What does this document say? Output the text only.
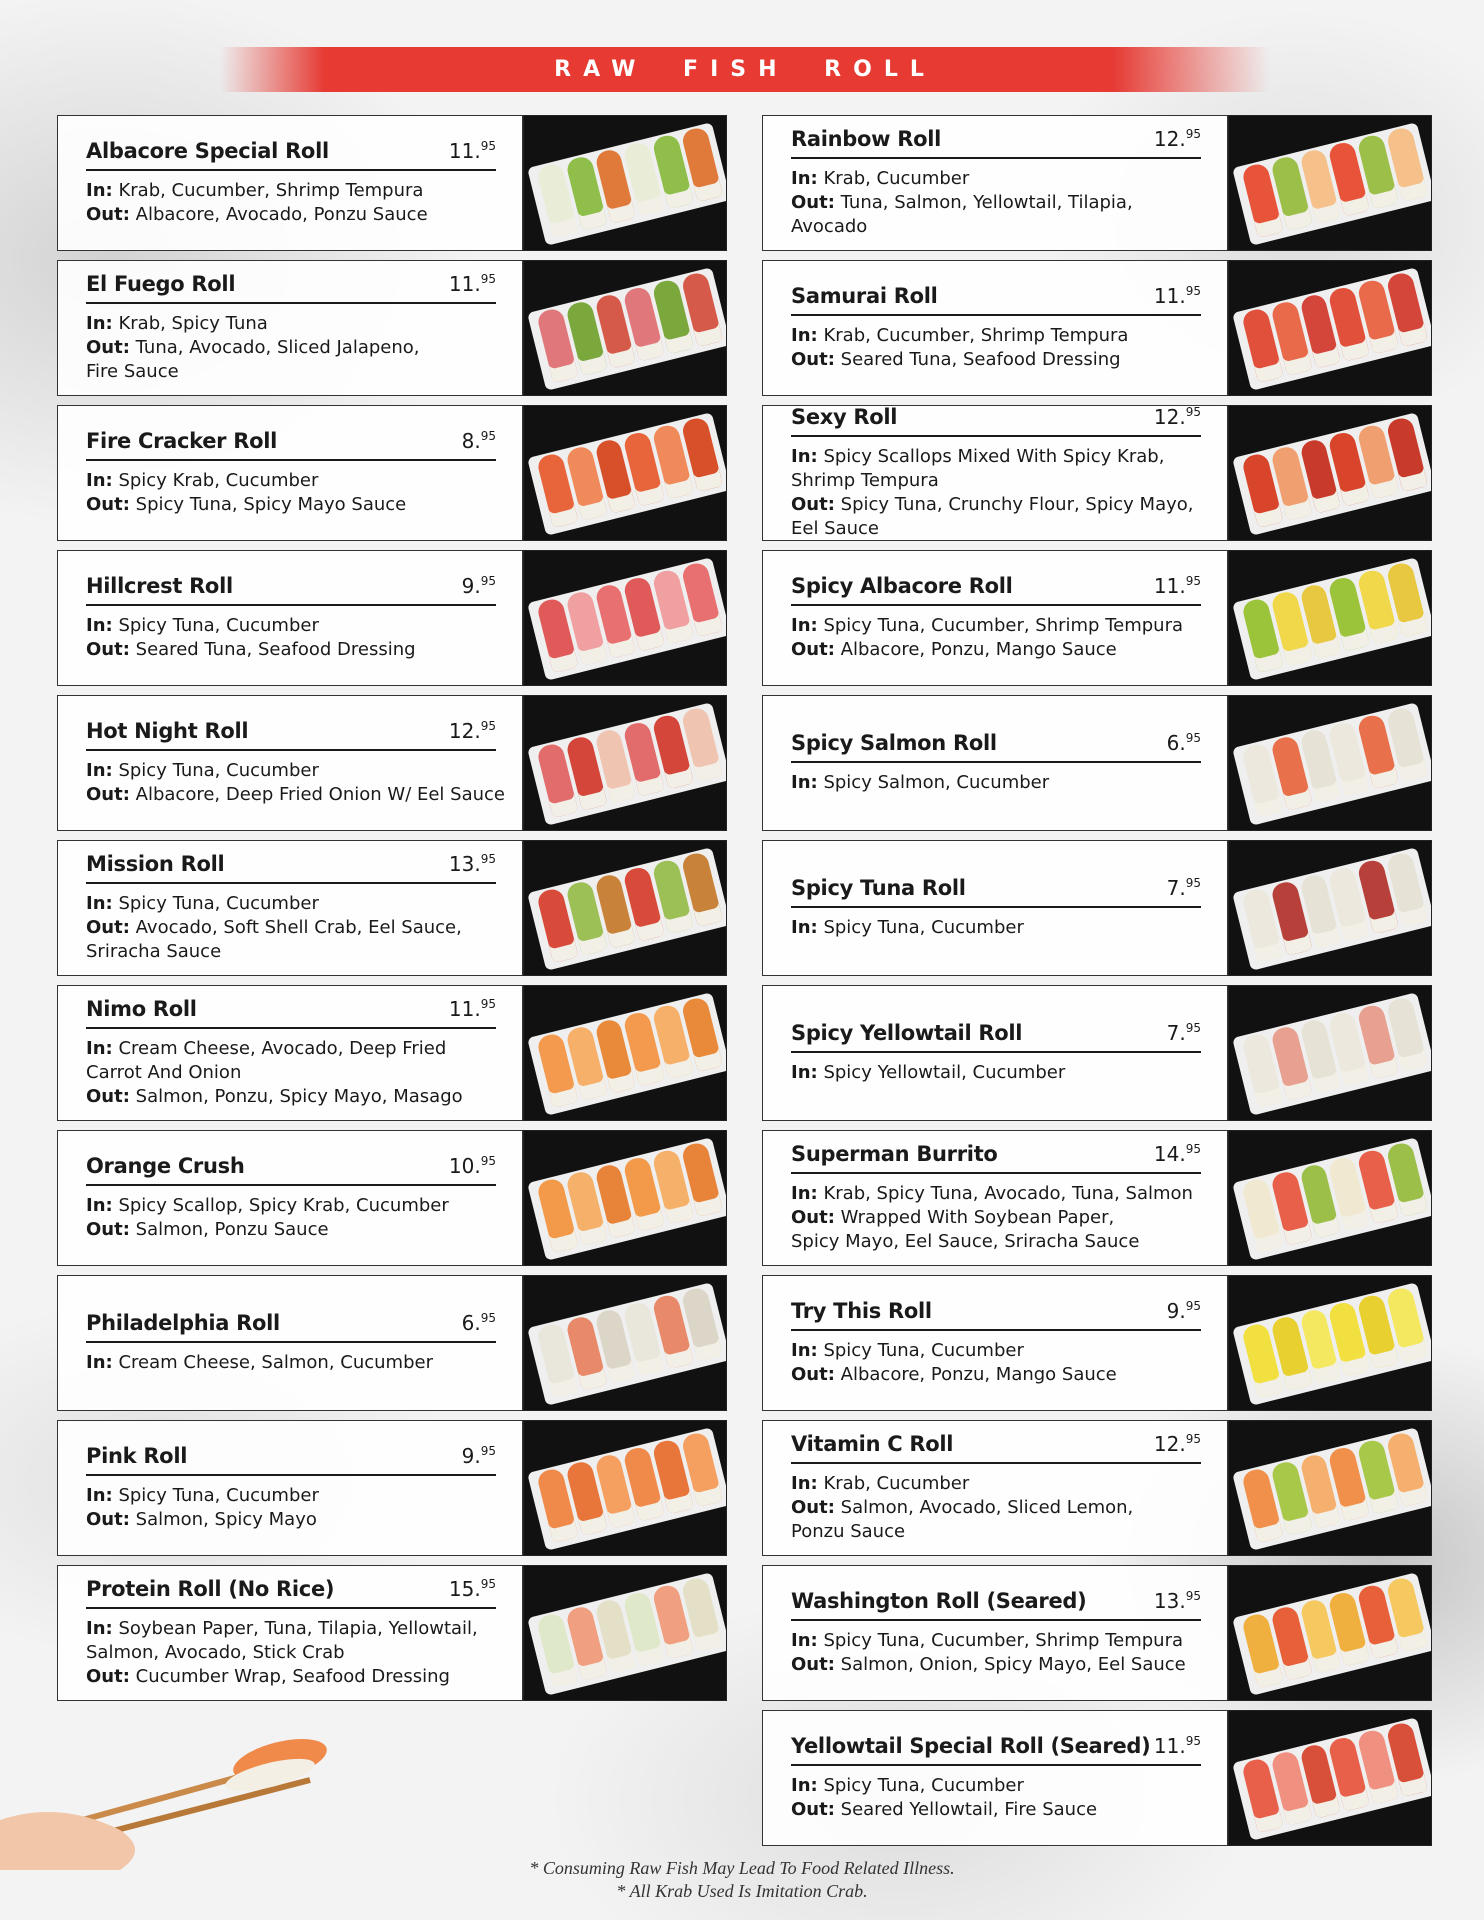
RAW FISH ROLL
Albacore Special Roll	11.95
In: Krab, Cucumber, Shrimp Tempura
Out: Albacore, Avocado, Ponzu Sauce
El Fuego Roll	11.95
In: Krab, Spicy Tuna
Out: Tuna, Avocado, Sliced Jalapeno,
Fire Sauce
Fire Cracker Roll	8.95
In: Spicy Krab, Cucumber
Out: Spicy Tuna, Spicy Mayo Sauce
Hillcrest Roll	9.95
In: Spicy Tuna, Cucumber
Out: Seared Tuna, Seafood Dressing
Hot Night Roll	12.95
In: Spicy Tuna, Cucumber
Out: Albacore, Deep Fried Onion W/ Eel Sauce
Mission Roll	13.95
In: Spicy Tuna, Cucumber
Out: Avocado, Soft Shell Crab, Eel Sauce,
Sriracha Sauce
Nimo Roll	11.95
In: Cream Cheese, Avocado, Deep Fried
Carrot And Onion
Out: Salmon, Ponzu, Spicy Mayo, Masago
Orange Crush	10.95
In: Spicy Scallop, Spicy Krab, Cucumber
Out: Salmon, Ponzu Sauce
Philadelphia Roll	6.95
In: Cream Cheese, Salmon, Cucumber
Pink Roll	9.95
In: Spicy Tuna, Cucumber
Out: Salmon, Spicy Mayo
Protein Roll (No Rice)	15.95
In: Soybean Paper, Tuna, Tilapia, Yellowtail,
Salmon, Avocado, Stick Crab
Out: Cucumber Wrap, Seafood Dressing
Rainbow Roll	12.95
In: Krab, Cucumber
Out: Tuna, Salmon, Yellowtail, Tilapia, Avocado
Samurai Roll	11.95
In: Krab, Cucumber, Shrimp Tempura
Out: Seared Tuna, Seafood Dressing
Sexy Roll	12.95
In: Spicy Scallops Mixed With Spicy Krab,
Shrimp Tempura
Out: Spicy Tuna, Crunchy Flour, Spicy Mayo,
Eel Sauce
Spicy Albacore Roll	11.95
In: Spicy Tuna, Cucumber, Shrimp Tempura
Out: Albacore, Ponzu, Mango Sauce
Spicy Salmon Roll	6.95
In: Spicy Salmon, Cucumber
Spicy Tuna Roll	7.95
In: Spicy Tuna, Cucumber
Spicy Yellowtail Roll	7.95
In: Spicy Yellowtail, Cucumber
Superman Burrito	14.95
In: Krab, Spicy Tuna, Avocado, Tuna, Salmon
Out: Wrapped With Soybean Paper,
Spicy Mayo, Eel Sauce, Sriracha Sauce
Try This Roll	9.95
In: Spicy Tuna, Cucumber
Out: Albacore, Ponzu, Mango Sauce
Vitamin C Roll	12.95
In: Krab, Cucumber
Out: Salmon, Avocado, Sliced Lemon,
Ponzu Sauce
Washington Roll (Seared)	13.95
In: Spicy Tuna, Cucumber, Shrimp Tempura
Out: Salmon, Onion, Spicy Mayo, Eel Sauce
Yellowtail Special Roll (Seared) 11.95
In: Spicy Tuna, Cucumber
Out: Seared Yellowtail, Fire Sauce
* Consuming Raw Fish May Lead To Food Related Illness.
* All Krab Used Is Imitation Crab.
